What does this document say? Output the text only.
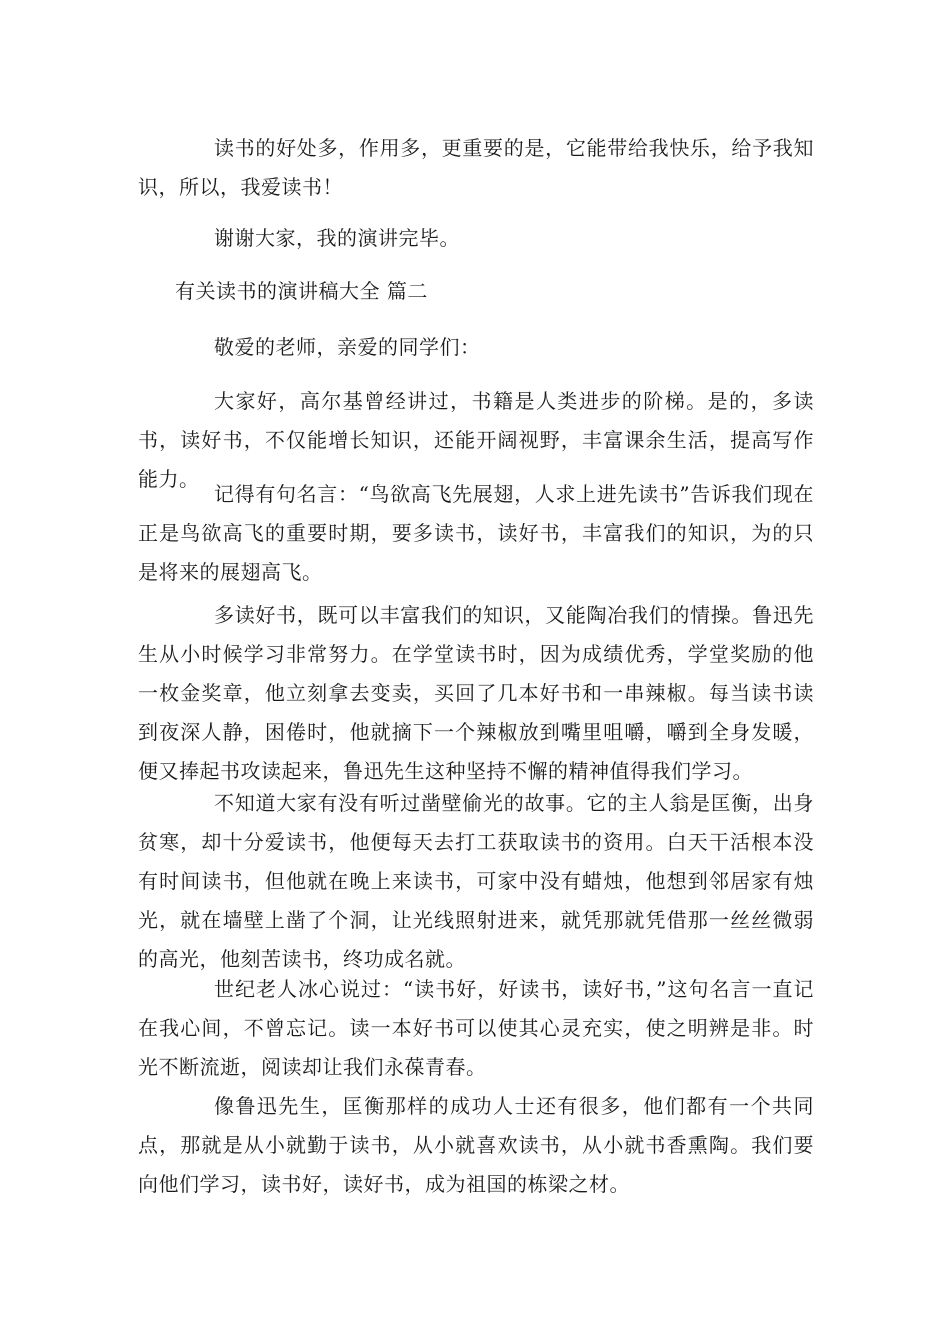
读书的好处多，作用多，更重要的是，它能带给我快乐，给予我知识，所以，我爱读书！

谢谢大家，我的演讲完毕。

有关读书的演讲稿大全 篇二

敬爱的老师，亲爱的同学们：

大家好，高尔基曾经讲过，书籍是人类进步的阶梯。是的，多读书，读好书，不仅能增长知识，还能开阔视野，丰富课余生活，提高写作能力。

记得有句名言：“鸟欲高飞先展翅，人求上进先读书”告诉我们现在正是鸟欲高飞的重要时期，要多读书，读好书，丰富我们的知识，为的只是将来的展翅高飞。

多读好书，既可以丰富我们的知识，又能陶冶我们的情操。鲁迅先生从小时候学习非常努力。在学堂读书时，因为成绩优秀，学堂奖励的他一枚金奖章，他立刻拿去变卖，买回了几本好书和一串辣椒。每当读书读到夜深人静，困倦时，他就摘下一个辣椒放到嘴里咀嚼，嚼到全身发暖，便又捧起书攻读起来，鲁迅先生这种坚持不懈的精神值得我们学习。

不知道大家有没有听过凿壁偷光的故事。它的主人翁是匡衡，出身贫寒，却十分爱读书，他便每天去打工获取读书的资用。白天干活根本没有时间读书，但他就在晚上来读书，可家中没有蜡烛，他想到邻居家有烛光，就在墙壁上凿了个洞，让光线照射进来，就凭那就凭借那一丝丝微弱的高光，他刻苦读书，终功成名就。

世纪老人冰心说过：“读书好，好读书，读好书，”这句名言一直记在我心间，不曾忘记。读一本好书可以使其心灵充实，使之明辨是非。时光不断流逝，阅读却让我们永葆青春。

像鲁迅先生，匡衡那样的成功人士还有很多，他们都有一个共同点，那就是从小就勤于读书，从小就喜欢读书，从小就书香熏陶。我们要向他们学习，读书好，读好书，成为祖国的栋梁之材。
